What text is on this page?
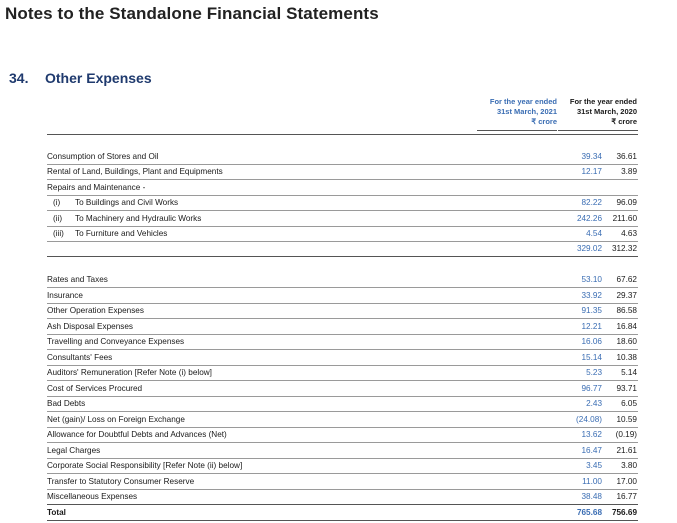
Notes to the Standalone Financial Statements
34. Other Expenses
For the year ended
31st March, 2021
₹ crore
For the year ended
31st March, 2020
₹ crore
Consumption of Stores and Oil	39.34	36.61
Rental of Land, Buildings, Plant and Equipments	12.17	3.89
Repairs and Maintenance -
(i) To Buildings and Civil Works	82.22	96.09
(ii) To Machinery and Hydraulic Works	242.26	211.60
(iii) To Furniture and Vehicles	4.54	4.63
329.02	312.32
Rates and Taxes	53.10	67.62
Insurance	33.92	29.37
Other Operation Expenses	91.35	86.58
Ash Disposal Expenses	12.21	16.84
Travelling and Conveyance Expenses	16.06	18.60
Consultants' Fees	15.14	10.38
Auditors' Remuneration [Refer Note (i) below]	5.23	5.14
Cost of Services Procured	96.77	93.71
Bad Debts	2.43	6.05
Net (gain)/ Loss on Foreign Exchange	(24.08)	10.59
Allowance for Doubtful Debts and Advances (Net)	13.62	(0.19)
Legal Charges	16.47	21.61
Corporate Social Responsibility [Refer Note (ii) below]	3.45	3.80
Transfer to Statutory Consumer Reserve	11.00	17.00
Miscellaneous Expenses	38.48	16.77
Total	765.68	756.69
